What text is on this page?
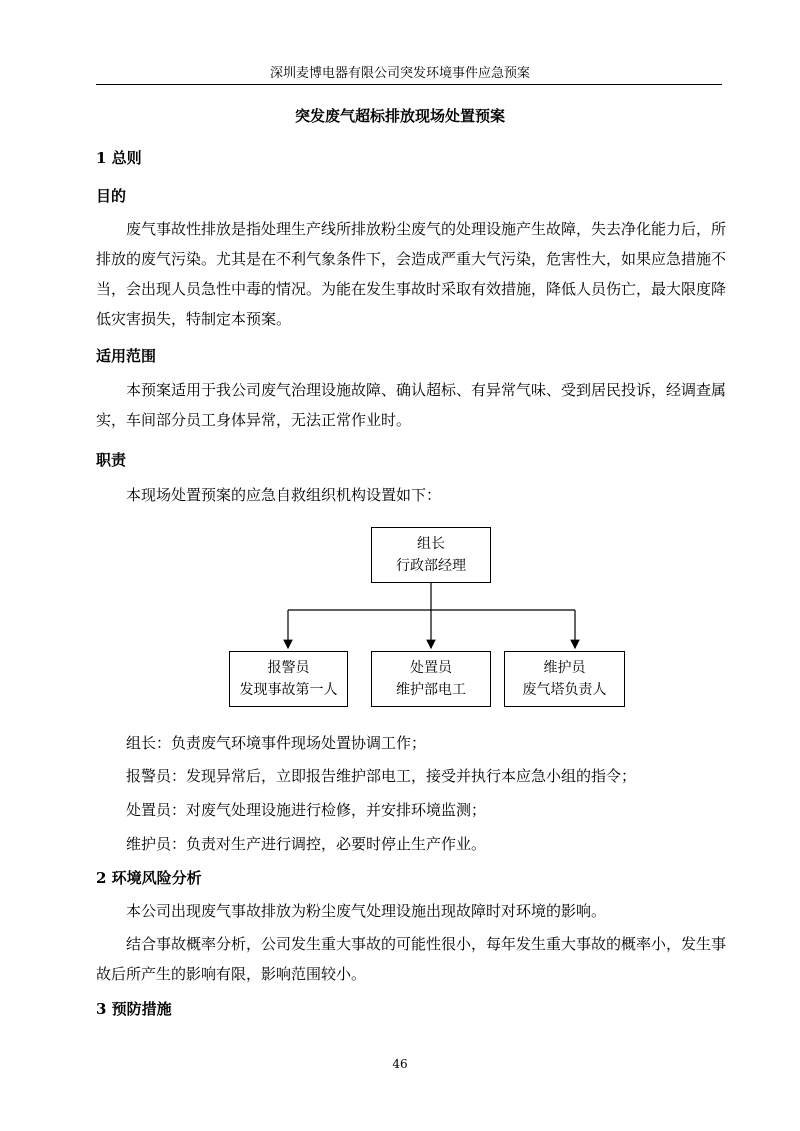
深圳麦博电器有限公司突发环境事件应急预案
突发废气超标排放现场处置预案
1 总则
目的
废气事故性排放是指处理生产线所排放粉尘废气的处理设施产生故障，失去净化能力后，所排放的废气污染。尤其是在不利气象条件下，会造成严重大气污染，危害性大，如果应急措施不当，会出现人员急性中毒的情况。为能在发生事故时采取有效措施，降低人员伤亡，最大限度降低灾害损失，特制定本预案。
适用范围
本预案适用于我公司废气治理设施故障、确认超标、有异常气味、受到居民投诉，经调查属实，车间部分员工身体异常，无法正常作业时。
职责
本现场处置预案的应急自救组织机构设置如下：
组长
行政部经理
报警员
发现事故第一人
处置员
维护部电工
维护员
废气塔负责人
组长：负责废气环境事件现场处置协调工作；
报警员：发现异常后，立即报告维护部电工，接受并执行本应急小组的指令；
处置员：对废气处理设施进行检修，并安排环境监测；
维护员：负责对生产进行调控，必要时停止生产作业。
2 环境风险分析
本公司出现废气事故排放为粉尘废气处理设施出现故障时对环境的影响。
结合事故概率分析，公司发生重大事故的可能性很小，每年发生重大事故的概率小，发生事故后所产生的影响有限，影响范围较小。
3 预防措施
46
